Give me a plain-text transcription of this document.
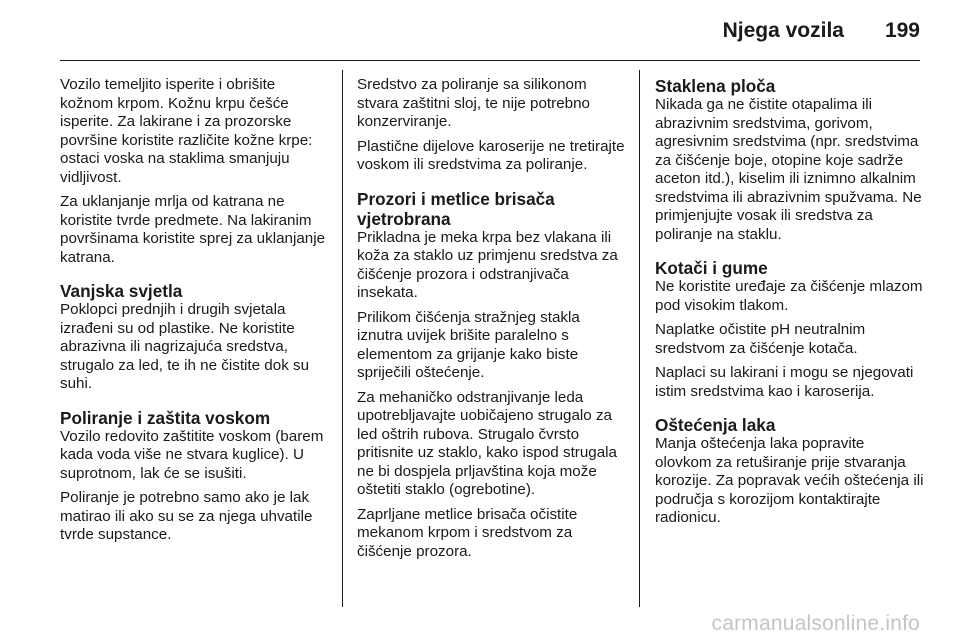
Njega vozila 199

Vozilo temeljito isperite i obrišite kožnom krpom. Kožnu krpu češće isperite. Za lakirane i za prozorske površine koristite različite kožne krpe: ostaci voska na staklima smanjuju vidljivost.

Za uklanjanje mrlja od katrana ne koristite tvrde predmete. Na lakiranim površinama koristite sprej za uklanjanje katrana.

Vanjska svjetla

Poklopci prednjih i drugih svjetala izrađeni su od plastike. Ne koristite abrazivna ili nagrizajuća sredstva, strugalo za led, te ih ne čistite dok su suhi.

Poliranje i zaštita voskom

Vozilo redovito zaštitite voskom (barem kada voda više ne stvara kuglice). U suprotnom, lak će se isušiti.

Poliranje je potrebno samo ako je lak matirao ili ako su se za njega uhvatile tvrde supstance.

Sredstvo za poliranje sa silikonom stvara zaštitni sloj, te nije potrebno konzerviranje.

Plastične dijelove karoserije ne tretirajte voskom ili sredstvima za poliranje.

Prozori i metlice brisača vjetrobrana

Prikladna je meka krpa bez vlakana ili koža za staklo uz primjenu sredstva za čišćenje prozora i odstranjivača insekata.

Prilikom čišćenja stražnjeg stakla iznutra uvijek brišite paralelno s elementom za grijanje kako biste spriječili oštećenje.

Za mehaničko odstranjivanje leda upotrebljavajte uobičajeno strugalo za led oštrih rubova. Strugalo čvrsto pritisnite uz staklo, kako ispod strugala ne bi dospjela prljavština koja može oštetiti staklo (ogrebotine).

Zaprljane metlice brisača očistite mekanom krpom i sredstvom za čišćenje prozora.

Staklena ploča

Nikada ga ne čistite otapalima ili abrazivnim sredstvima, gorivom, agresivnim sredstvima (npr. sredstvima za čišćenje boje, otopine koje sadrže aceton itd.), kiselim ili iznimno alkalnim sredstvima ili abrazivnim spužvama. Ne primjenjujte vosak ili sredstva za poliranje na staklu.

Kotači i gume

Ne koristite uređaje za čišćenje mlazom pod visokim tlakom.

Naplatke očistite pH neutralnim sredstvom za čišćenje kotača.

Naplaci su lakirani i mogu se njegovati istim sredstvima kao i karoserija.

Oštećenja laka

Manja oštećenja laka popravite olovkom za retuširanje prije stvaranja korozije. Za popravak većih oštećenja ili područja s korozijom kontaktirajte radionicu.

carmanualsonline.info
